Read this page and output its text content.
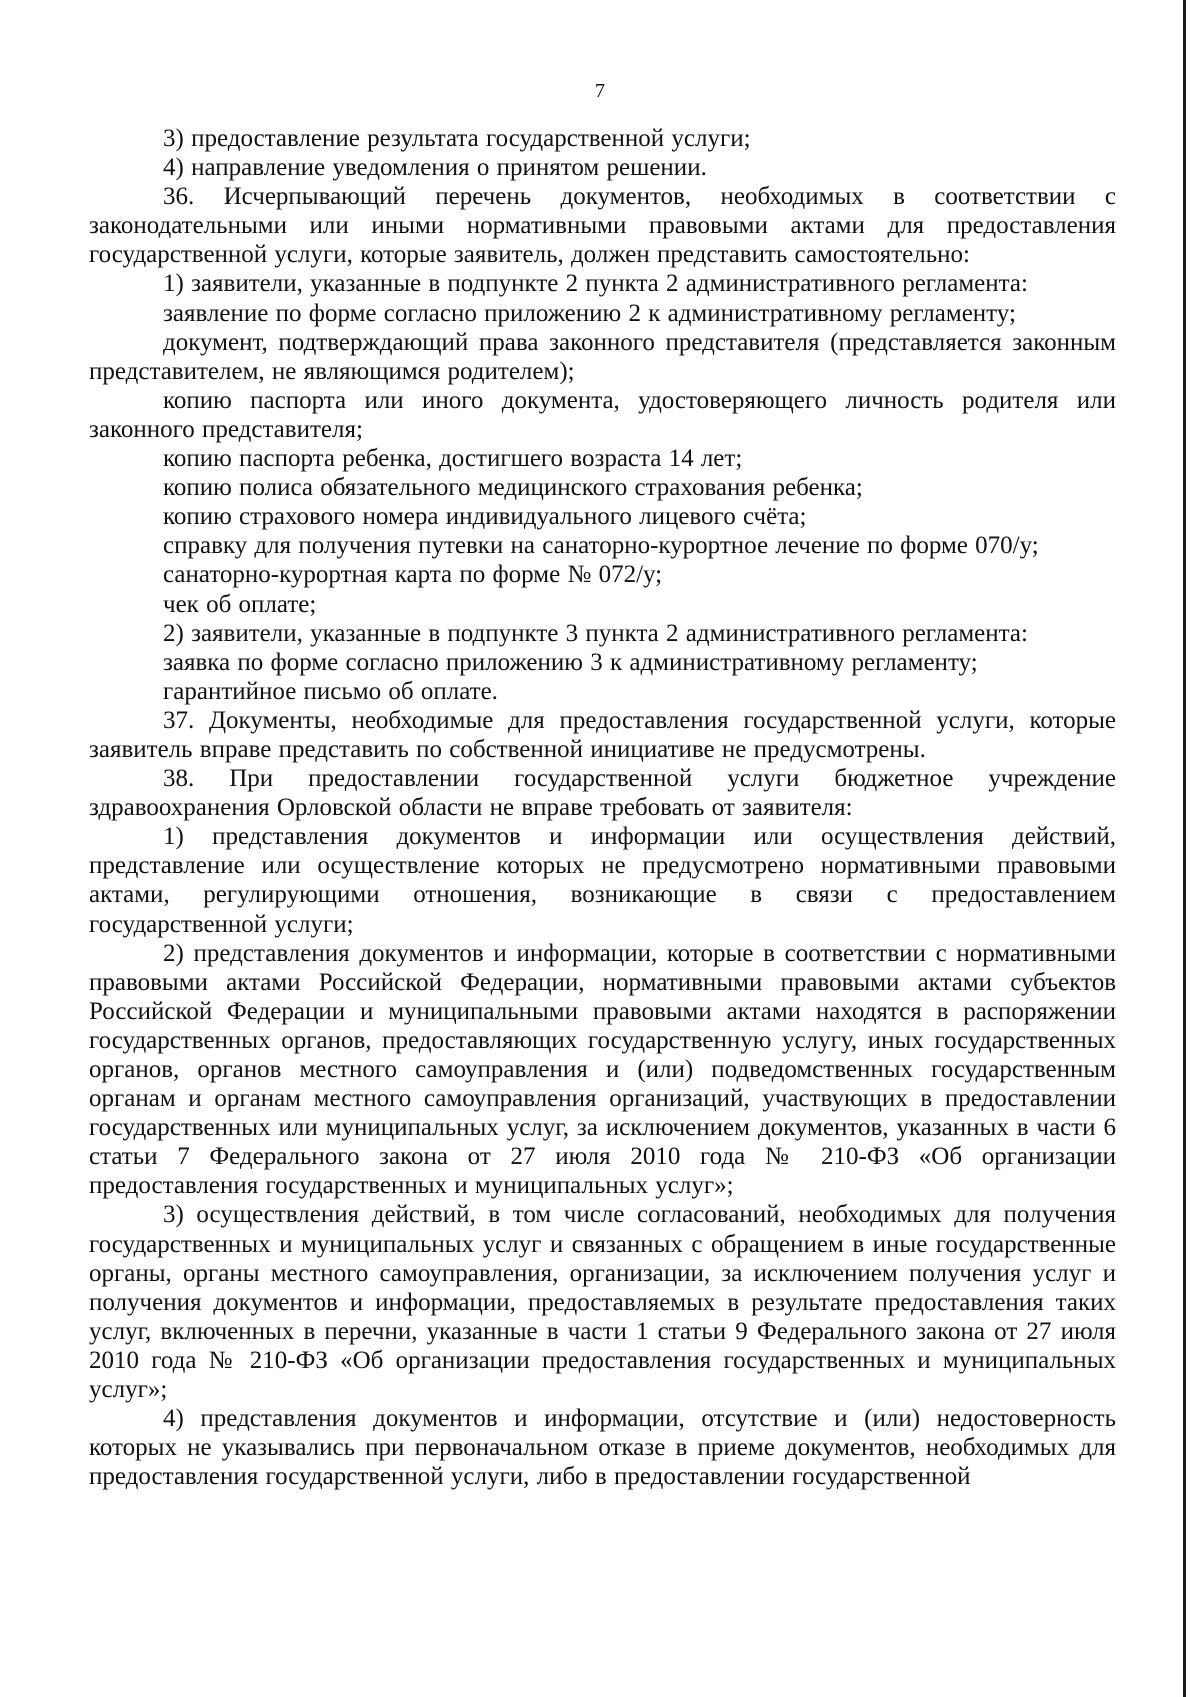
7

3) предоставление результата государственной услуги;

4) направление уведомления о принятом решении.

36. Исчерпывающий перечень документов, необходимых в соответствии с законодательными или иными нормативными правовыми актами для предоставления государственной услуги, которые заявитель, должен представить самостоятельно:

1) заявители, указанные в подпункте 2 пункта 2 административного регламента:

заявление по форме согласно приложению 2 к административному регламенту;

документ, подтверждающий права законного представителя (представляется законным представителем, не являющимся родителем);

копию паспорта или иного документа, удостоверяющего личность родителя или законного представителя;

копию паспорта ребенка, достигшего возраста 14 лет;

копию полиса обязательного медицинского страхования ребенка;

копию страхового номера индивидуального лицевого счёта;

справку для получения путевки на санаторно-курортное лечение по форме 070/у;

санаторно-курортная карта по форме № 072/у;

чек об оплате;

2) заявители, указанные в подпункте 3 пункта 2 административного регламента:

заявка по форме согласно приложению 3 к административному регламенту;

гарантийное письмо об оплате.

37. Документы, необходимые для предоставления государственной услуги, которые заявитель вправе представить по собственной инициативе не предусмотрены.

38. При предоставлении государственной услуги бюджетное учреждение здравоохранения Орловской области не вправе требовать от заявителя:

1) представления документов и информации или осуществления действий, представление или осуществление которых не предусмотрено нормативными правовыми актами, регулирующими отношения, возникающие в связи с предоставлением государственной услуги;

2) представления документов и информации, которые в соответствии с нормативными правовыми актами Российской Федерации, нормативными правовыми актами субъектов Российской Федерации и муниципальными правовыми актами находятся в распоряжении государственных органов, предоставляющих государственную услугу, иных государственных органов, органов местного самоуправления и (или) подведомственных государственным органам и органам местного самоуправления организаций, участвующих в предоставлении государственных или муниципальных услуг, за исключением документов, указанных в части 6 статьи 7 Федерального закона от 27 июля 2010 года № 210-ФЗ «Об организации предоставления государственных и муниципальных услуг»;

3) осуществления действий, в том числе согласований, необходимых для получения государственных и муниципальных услуг и связанных с обращением в иные государственные органы, органы местного самоуправления, организации, за исключением получения услуг и получения документов и информации, предоставляемых в результате предоставления таких услуг, включенных в перечни, указанные в части 1 статьи 9 Федерального закона от 27 июля 2010 года № 210-ФЗ «Об организации предоставления государственных и муниципальных услуг»;

4) представления документов и информации, отсутствие и (или) недостоверность которых не указывались при первоначальном отказе в приеме документов, необходимых для предоставления государственной услуги, либо в предоставлении государственной
